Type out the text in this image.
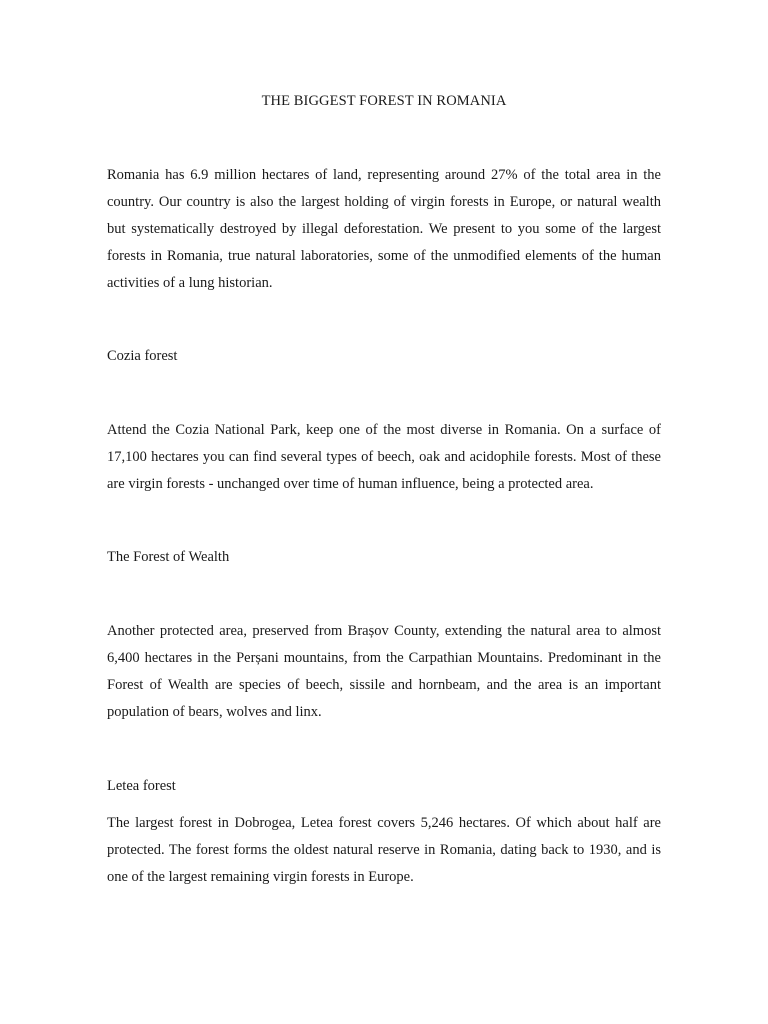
THE BIGGEST FOREST IN ROMANIA

Romania has 6.9 million hectares of land, representing around 27% of the total area in the country. Our country is also the largest holding of virgin forests in Europe, or natural wealth but systematically destroyed by illegal deforestation. We present to you some of the largest forests in Romania, true natural laboratories, some of the unmodified elements of the human activities of a lung historian.

Cozia forest

Attend the Cozia National Park, keep one of the most diverse in Romania. On a surface of 17,100 hectares you can find several types of beech, oak and acidophile forests. Most of these are virgin forests - unchanged over time of human influence, being a protected area.

The Forest of Wealth

Another protected area, preserved from Brașov County, extending the natural area to almost 6,400 hectares in the Perșani mountains, from the Carpathian Mountains. Predominant in the Forest of Wealth are species of beech, sissile and hornbeam, and the area is an important population of bears, wolves and linx.

Letea forest

The largest forest in Dobrogea, Letea forest covers 5,246 hectares. Of which about half are protected. The forest forms the oldest natural reserve in Romania, dating back to 1930, and is one of the largest remaining virgin forests in Europe.
